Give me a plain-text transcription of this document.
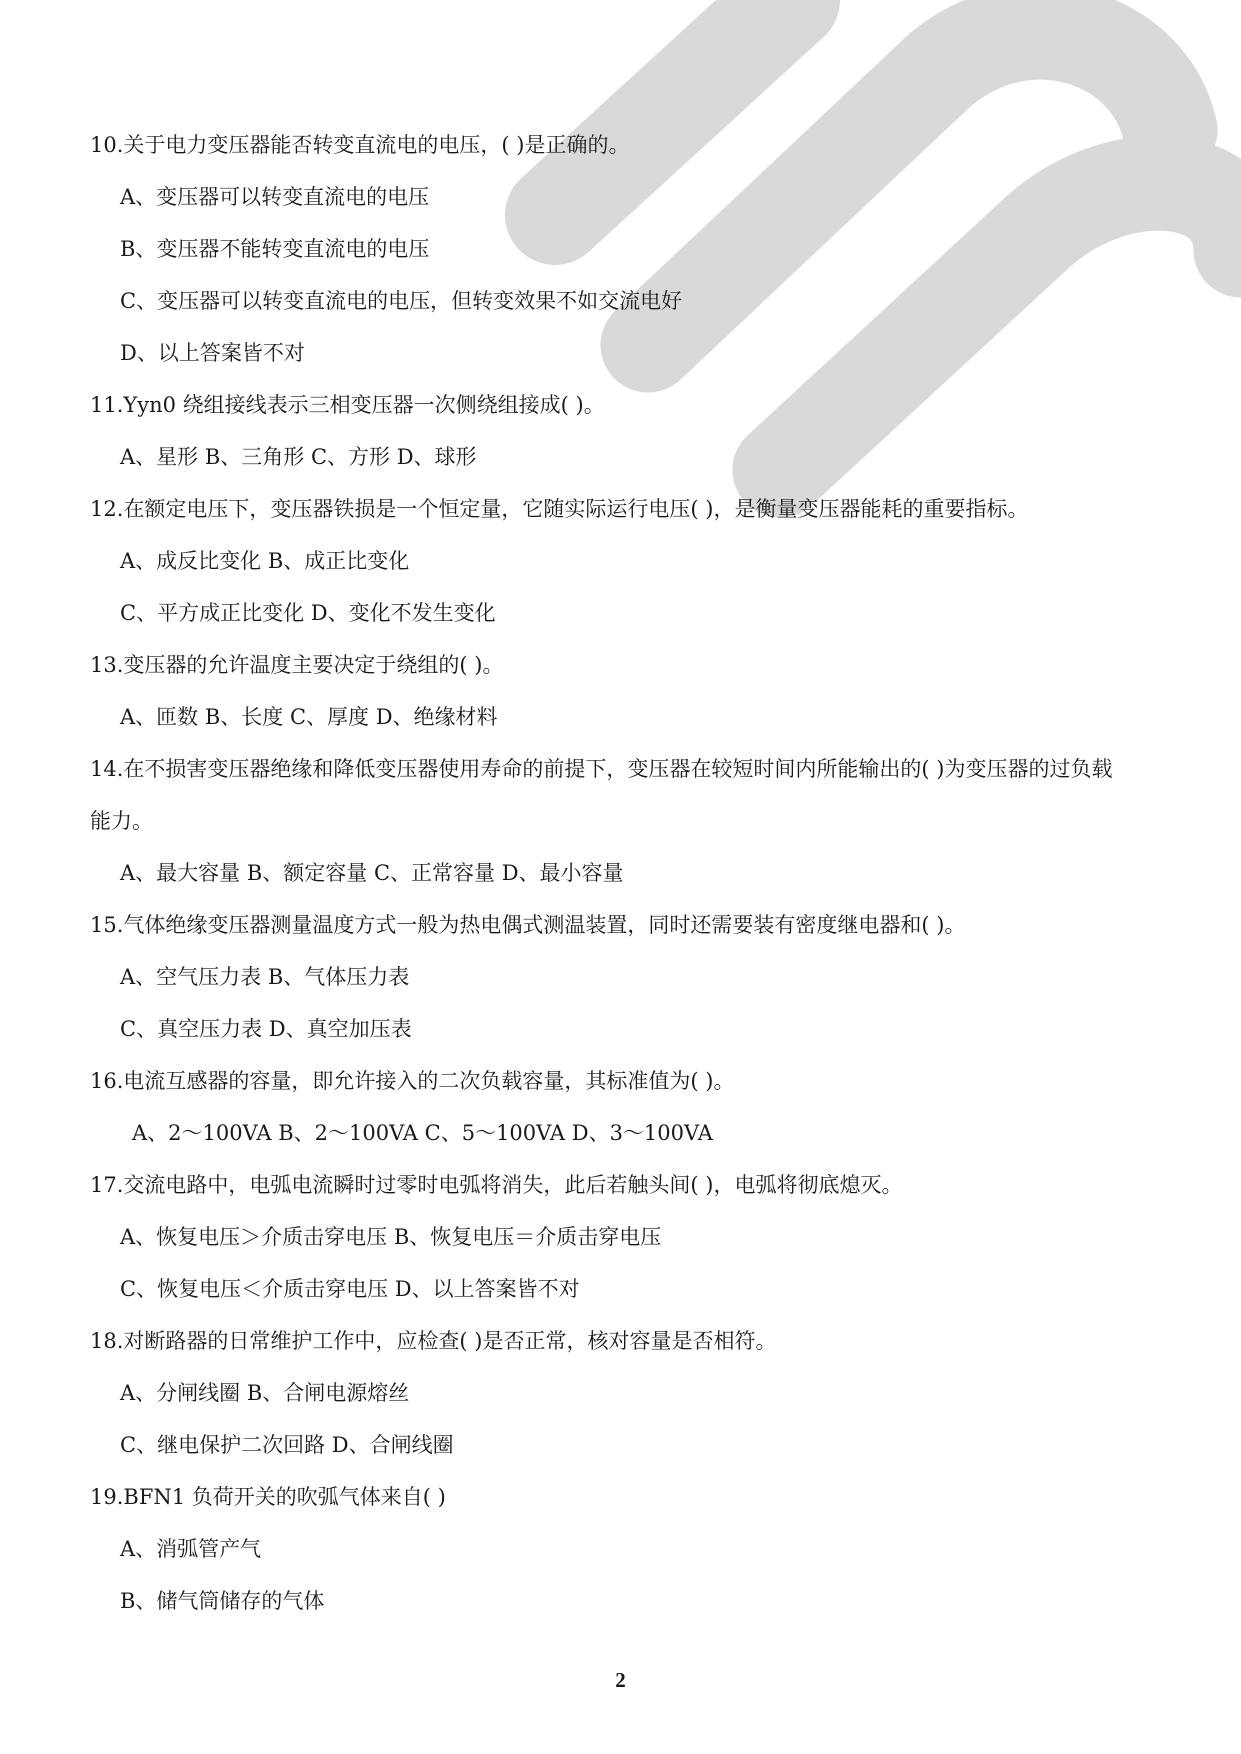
10.关于电力变压器能否转变直流电的电压，( )是正确的。
A、变压器可以转变直流电的电压
B、变压器不能转变直流电的电压
C、变压器可以转变直流电的电压，但转变效果不如交流电好
D、以上答案皆不对
11.Yyn0 绕组接线表示三相变压器一次侧绕组接成( )。
A、星形 B、三角形 C、方形 D、球形
12.在额定电压下，变压器铁损是一个恒定量，它随实际运行电压( )，是衡量变压器能耗的重要指标。
A、成反比变化 B、成正比变化
C、平方成正比变化 D、变化不发生变化
13.变压器的允许温度主要决定于绕组的( )。
A、匝数 B、长度 C、厚度 D、绝缘材料
14.在不损害变压器绝缘和降低变压器使用寿命的前提下，变压器在较短时间内所能输出的( )为变压器的过负载
能力。
A、最大容量 B、额定容量 C、正常容量 D、最小容量
15.气体绝缘变压器测量温度方式一般为热电偶式测温装置，同时还需要装有密度继电器和( )。
A、空气压力表 B、气体压力表
C、真空压力表 D、真空加压表
16.电流互感器的容量，即允许接入的二次负载容量，其标准值为( )。
A、2～100VA B、2～100VA C、5～100VA D、3～100VA
17.交流电路中，电弧电流瞬时过零时电弧将消失，此后若触头间( )，电弧将彻底熄灭。
A、恢复电压＞介质击穿电压 B、恢复电压＝介质击穿电压
C、恢复电压＜介质击穿电压 D、以上答案皆不对
18.对断路器的日常维护工作中，应检查( )是否正常，核对容量是否相符。
A、分闸线圈 B、合闸电源熔丝
C、继电保护二次回路 D、合闸线圈
19.BFN1 负荷开关的吹弧气体来自( )
A、消弧管产气
B、储气筒储存的气体
2
